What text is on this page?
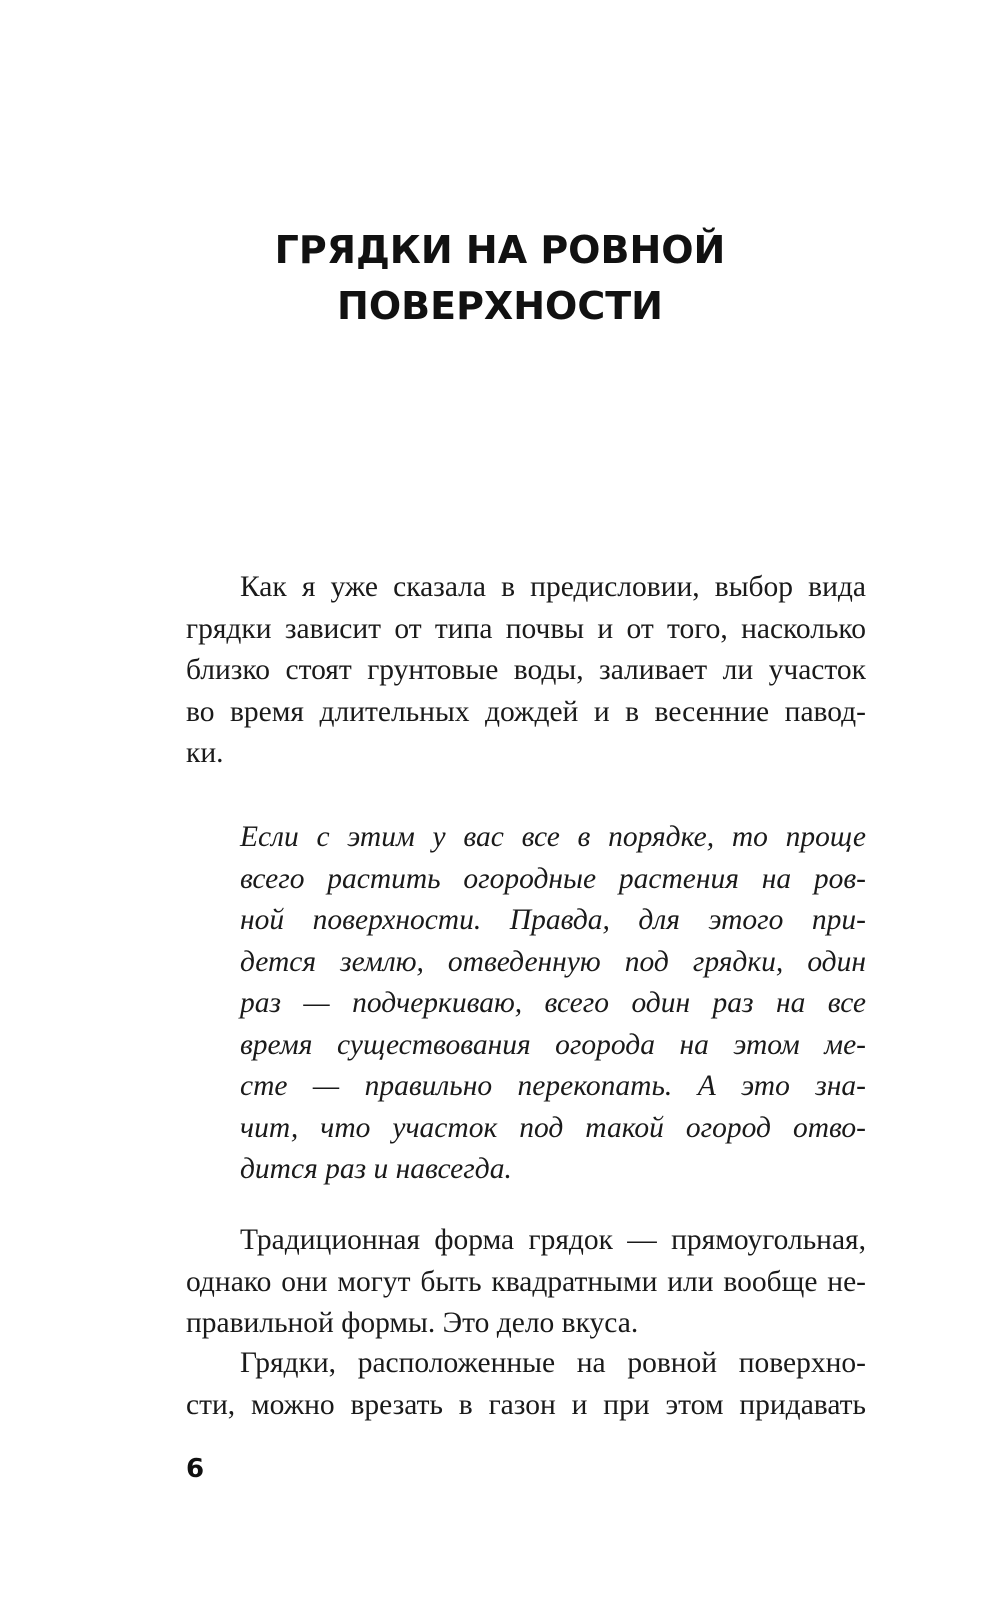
ГРЯДКИ НА РОВНОЙ
ПОВЕРХНОСТИ
Как я уже сказала в предисловии, выбор вида
грядки зависит от типа почвы и от того, насколько
близко стоят грунтовые воды, заливает ли участок
во время длительных дождей и в весенние павод-
ки.
Если с этим у вас все в порядке, то проще
всего растить огородные растения на ров-
ной поверхности. Правда, для этого при-
дется землю, отведенную под грядки, один
раз — подчеркиваю, всего один раз на все
время существования огорода на этом ме-
сте — правильно перекопать. А это зна-
чит, что участок под такой огород отво-
дится раз и навсегда.
Традиционная форма грядок — прямоугольная,
однако они могут быть квадратными или вообще не-
правильной формы. Это дело вкуса.
Грядки, расположенные на ровной поверхно-
сти, можно врезать в газон и при этом придавать
6
